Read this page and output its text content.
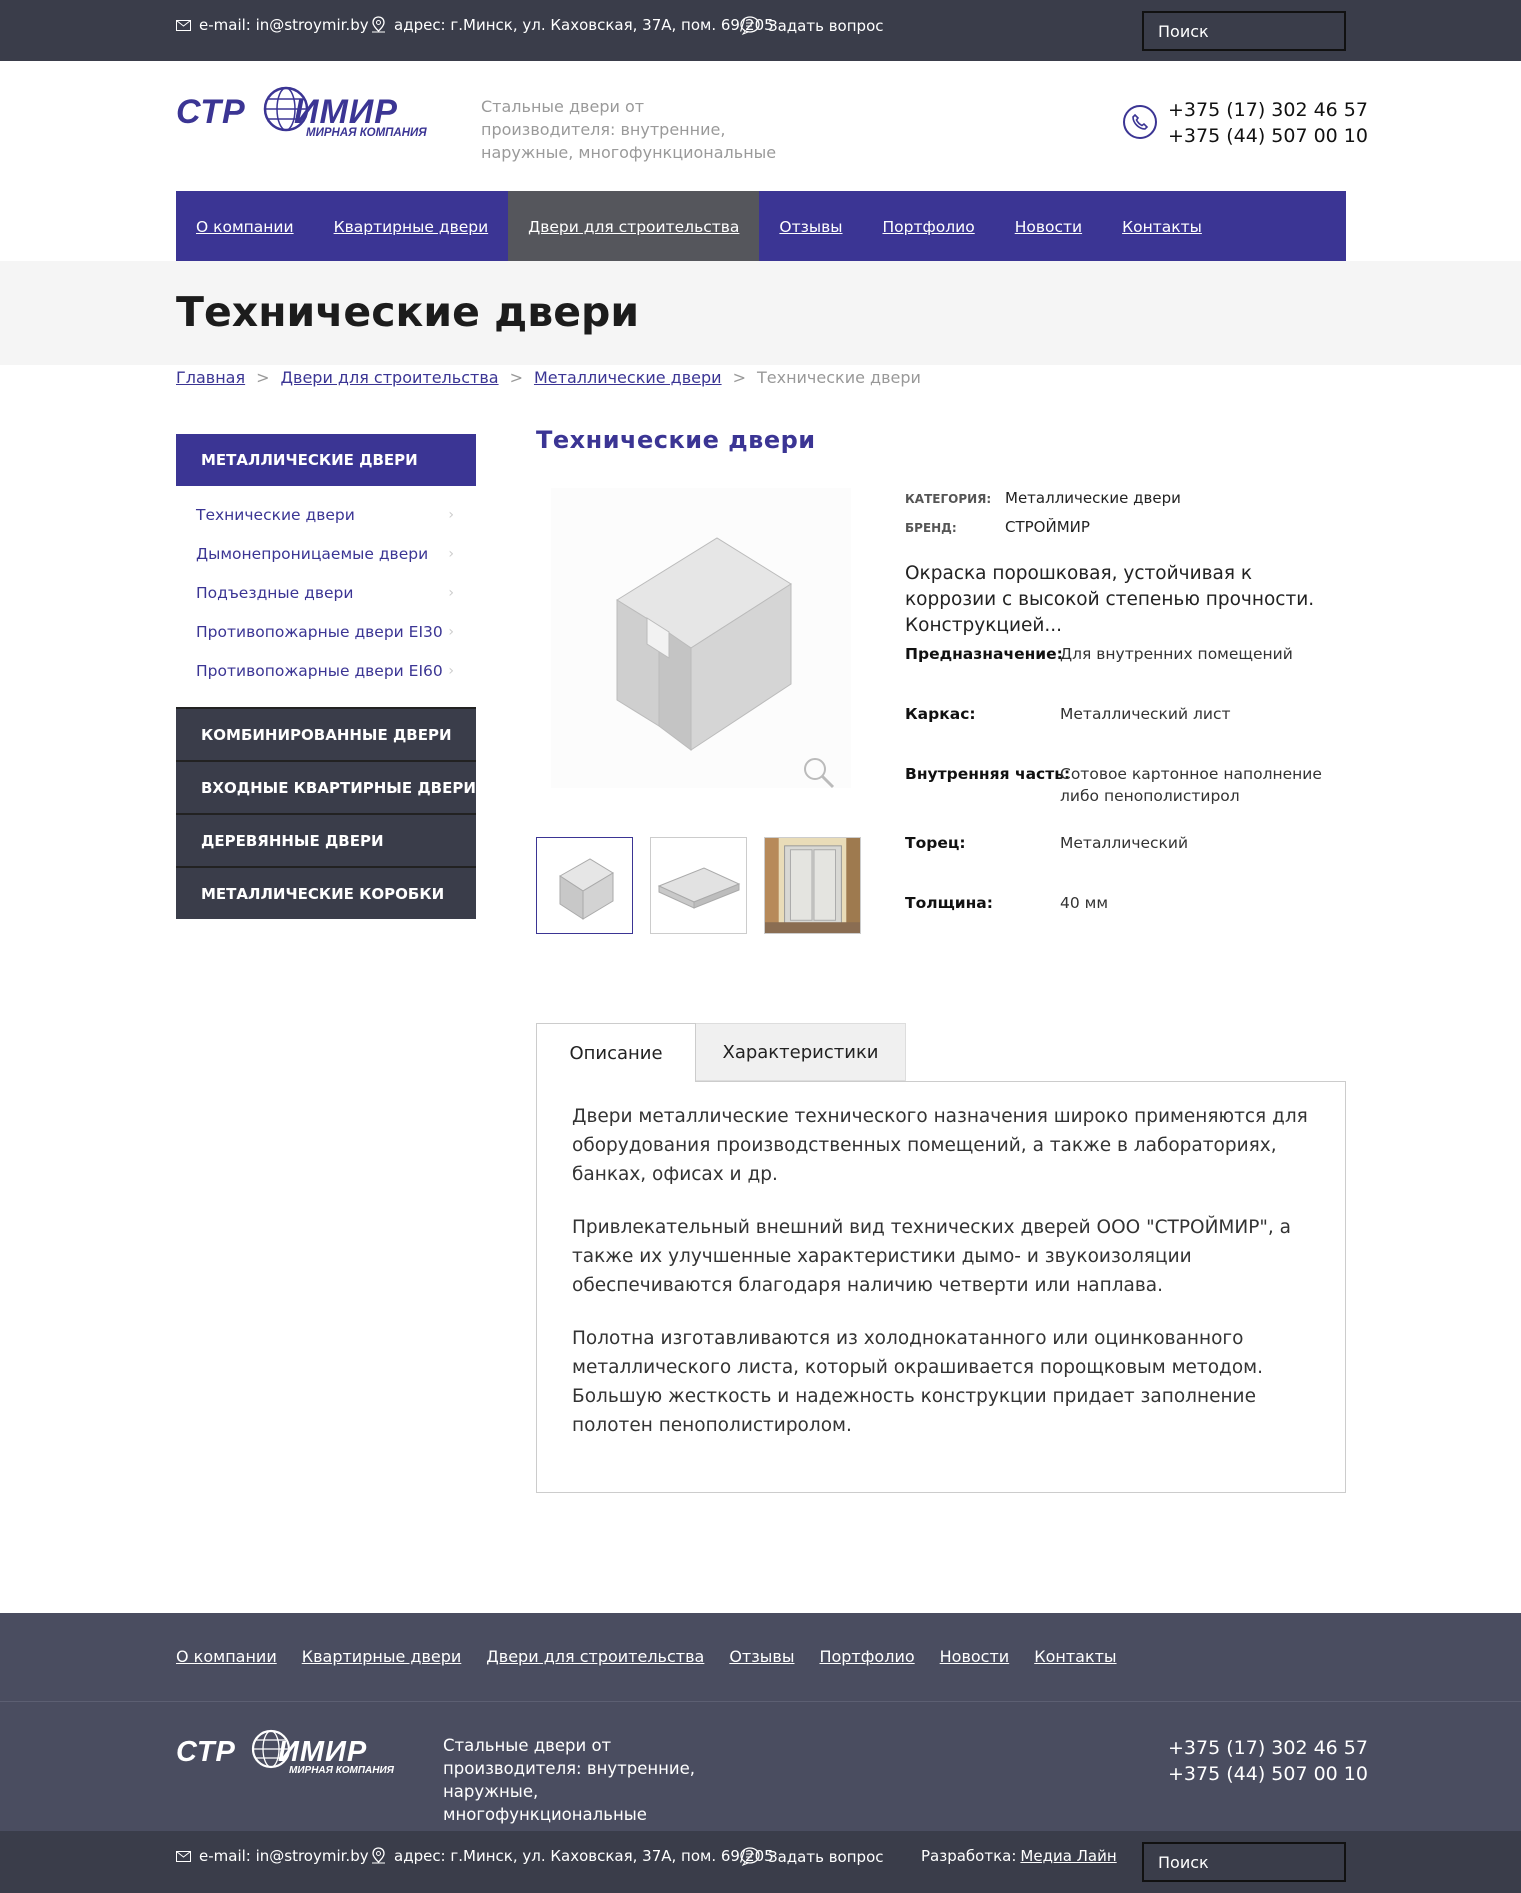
e-mail: in@stroymir.by адрес: г.Минск, ул. Каховская, 37А, пом. 69/205
Задать вопрос
Поиск
СТР ИМИР
МИРНАЯ КОМПАНИЯ
Стальные двери от производителя: внутренние, наружные, многофункциональные
+375 (17) 302 46 57
+375 (44) 507 00 10
О компании	Квартирные двери	Двери для строительства	Отзывы	Портфолио	Новости	Контакты
Технические двери
Главная > Двери для строительства > Металлические двери > Технические двери
МЕТАЛЛИЧЕСКИЕ ДВЕРИ
Технические двери	›
Дымонепроницаемые двери ›
Подъездные двери	›
Противопожарные двери EI30 ›
Противопожарные двери EI60 ›
КОМБИНИРОВАННЫЕ ДВЕРИ
ВХОДНЫЕ КВАРТИРНЫЕ ДВЕРИ
ДЕРЕВЯННЫЕ ДВЕРИ
МЕТАЛЛИЧЕСКИЕ КОРОБКИ
Технические двери
КАТЕГОРИЯ: Металлические двери
БРЕНД:	СТРОЙМИР
Окраска порошковая, устойчивая к коррозии с высокой степенью прочности. Конструкцией...
Предназначение:
Для внутренних помещений
Каркас:	Металлический лист
Внутренняя часть:
Сотовое картонное наполнение либо пенополистирол
Торец:	Металлический
Толщина:	40 мм
Описание	Характеристики

Двери металлические технического назначения широко применяются для оборудования производственных помещений, а также в лабораториях, банках, офисах и др.

Привлекательный внешний вид технических дверей ООО "СТРОЙМИР", а также их улучшенные характеристики дымо- и звукоизоляции обеспечиваются благодаря наличию четверти или наплава.

Полотна изготавливаются из холоднокатанного или оцинкованного металлического листа, который окрашивается порощковым методом. Большую жесткость и надежность конструкции придает заполнение полотен пенополистиролом.

О компании Квартирные двери Двери для строительства Отзывы Портфолио Новости Контакты
СТР ИМИР
МИРНАЯ КОМПАНИЯ
Стальные двери от производителя: внутренние, наружные, многофункциональные
+375 (17) 302 46 57
+375 (44) 507 00 10
e-mail: in@stroymir.by адрес: г.Минск, ул. Каховская, 37А, пом. 69/205
Задать вопрос	Разработка: Медиа Лайн
Поиск
